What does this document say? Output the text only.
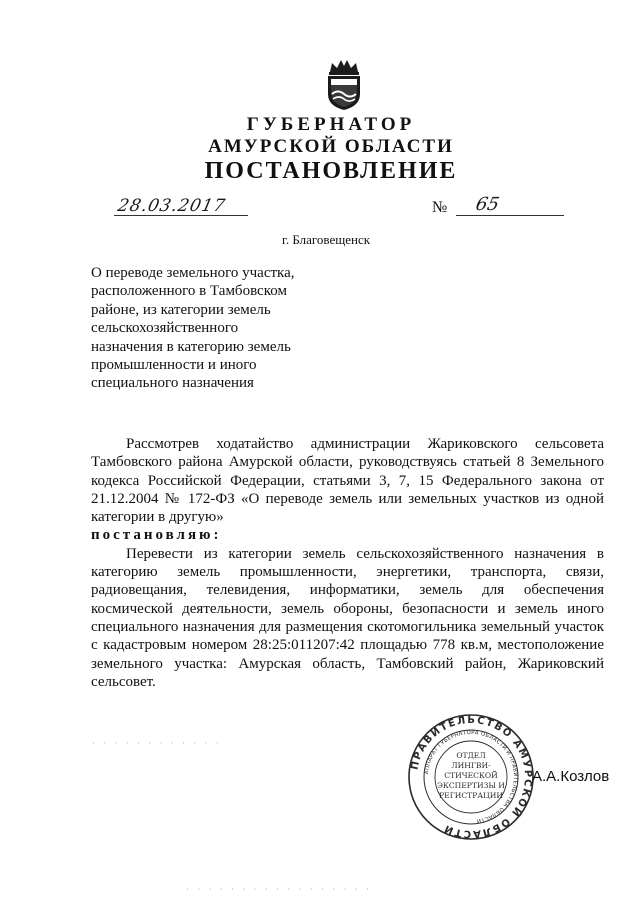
ГУБЕРНАТОР
АМУРСКОЙ ОБЛАСТИ
ПОСТАНОВЛЕНИЕ
28.03.2017	№ 65
г. Благовещенск
О переводе земельного участка,
расположенного в Тамбовском
районе, из категории земель
сельскохозяйственного
назначения в категорию земель
промышленности и иного
специального назначения
Рассмотрев ходатайство администрации Жариковского сельсовета
Тамбовского района Амурской области, руководствуясь статьей 8 Земельного
кодекса Российской Федерации, статьями 3, 7, 15 Федерального закона от
21.12.2004 № 172-ФЗ «О переводе земель или земельных участков из одной
категории в другую»
постановляю:
Перевести из категории земель сельскохозяйственного назначения в
категорию земель промышленности, энергетики, транспорта, связи,
радиовещания, телевидения, информатики, земель для обеспечения
космической деятельности, земель обороны, безопасности и земель иного
специального назначения для размещения скотомогильника земельный участок
с кадастровым номером 28:25:011207:42 площадью 778 кв.м, местоположение
земельного участка: Амурская область, Тамбовский район, Жариковский
сельсовет.
ПРАВИТЕЛЬСТВО АМУРСКОЙ ОБЛАСТИ
АППАРАТ ГУБЕРНАТОРА ОБЛАСТИ И ПРАВИТЕЛЬСТВА ОБЛАСТИ
ОТДЕЛ
ЛИНГВИ-
СТИЧЕСКОЙ
ЭКСПЕРТИЗЫ И
РЕГИСТРАЦИИ
А.А.Козлов
· · · · · · · · · · · ·
· · · · · · · · · · · · · · · · ·
